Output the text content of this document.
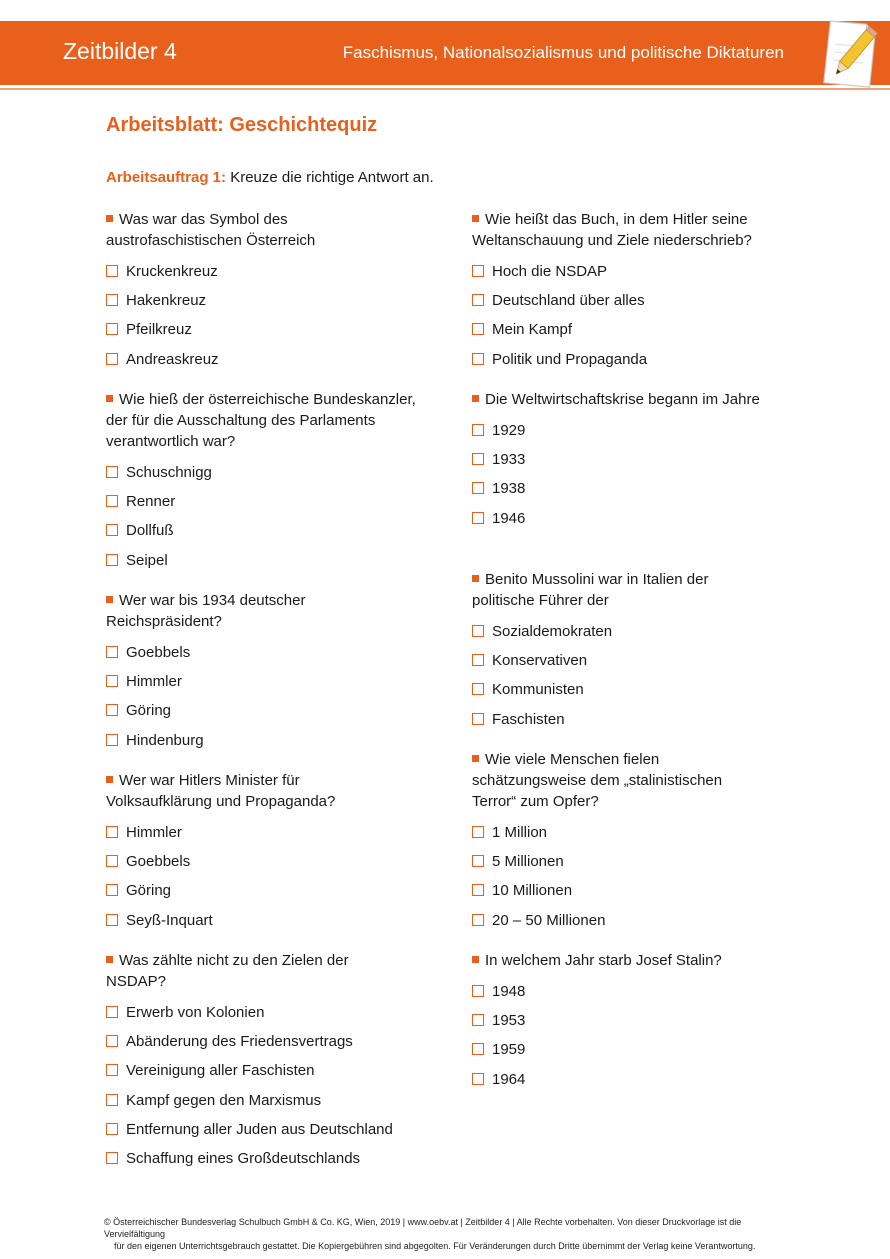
Zeitbilder 4	Faschismus, Nationalsozialismus und politische Diktaturen
Arbeitsblatt: Geschichtequiz
Arbeitsauftrag 1: Kreuze die richtige Antwort an.
Was war das Symbol des austrofaschistischen Österreich
Kruckenkreuz
Hakenkreuz
Pfeilkreuz
Andreaskreuz
Wie hieß der österreichische Bundeskanzler, der für die Ausschaltung des Parlaments verantwortlich war?
Schuschnigg
Renner
Dollfuß
Seipel
Wer war bis 1934 deutscher Reichspräsident?
Goebbels
Himmler
Göring
Hindenburg
Wer war Hitlers Minister für Volksaufklärung und Propaganda?
Himmler
Goebbels
Göring
Seyß-Inquart
Was zählte nicht zu den Zielen der NSDAP?
Erwerb von Kolonien
Abänderung des Friedensvertrags
Vereinigung aller Faschisten
Kampf gegen den Marxismus
Entfernung aller Juden aus Deutschland
Schaffung eines Großdeutschlands
Wie heißt das Buch, in dem Hitler seine Weltanschauung und Ziele niederschrieb?
Hoch die NSDAP
Deutschland über alles
Mein Kampf
Politik und Propaganda
Die Weltwirtschaftskrise begann im Jahre
1929
1933
1938
1946
Benito Mussolini war in Italien der politische Führer der
Sozialdemokraten
Konservativen
Kommunisten
Faschisten
Wie viele Menschen fielen schätzungsweise dem „stalinistischen Terror“ zum Opfer?
1 Million
5 Millionen
10 Millionen
20 – 50 Millionen
In welchem Jahr starb Josef Stalin?
1948
1953
1959
1964
© Österreichischer Bundesverlag Schulbuch GmbH & Co. KG, Wien, 2019 | www.oebv.at | Zeitbilder 4 | Alle Rechte vorbehalten. Von dieser Druckvorlage ist die Vervielfältigung
für den eigenen Unterrichtsgebrauch gestattet. Die Kopiergebühren sind abgegolten. Für Veränderungen durch Dritte übernimmt der Verlag keine Verantwortung.
